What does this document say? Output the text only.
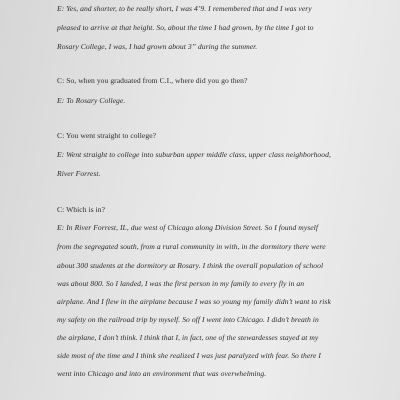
E: Yes, and shorter, to be really short, I was 4’9. I remembered that and I was very
pleased to arrive at that height. So, about the time I had grown, by the time I got to
Rosary College, I was, I had grown about 3” during the summer.
C: So, when you graduated from C.I., where did you go then?
E: To Rosary College.
C: You went straight to college?
E: Went straight to college into suburban upper middle class, upper class neighborhood,
River Forrest.
C: Which is in?
E: In River Forrest, IL, due west of Chicago along Division Street. So I found myself
from the segregated south, from a rural community in with, in the dormitory there were
about 300 students at the dormitory at Rosary. I think the overall population of school
was about 800. So I landed, I was the first person in my family to every fly in an
airplane. And I flew in the airplane because I was so young my family didn’t want to risk
my safety on the railroad trip by myself. So off I went into Chicago. I didn’t breath in
the airplane, I don’t think. I think that I, in fact, one of the stewardesses stayed at my
side most of the time and I think she realized I was just paralyzed with fear. So there I
went into Chicago and into an environment that was overwhelming.
